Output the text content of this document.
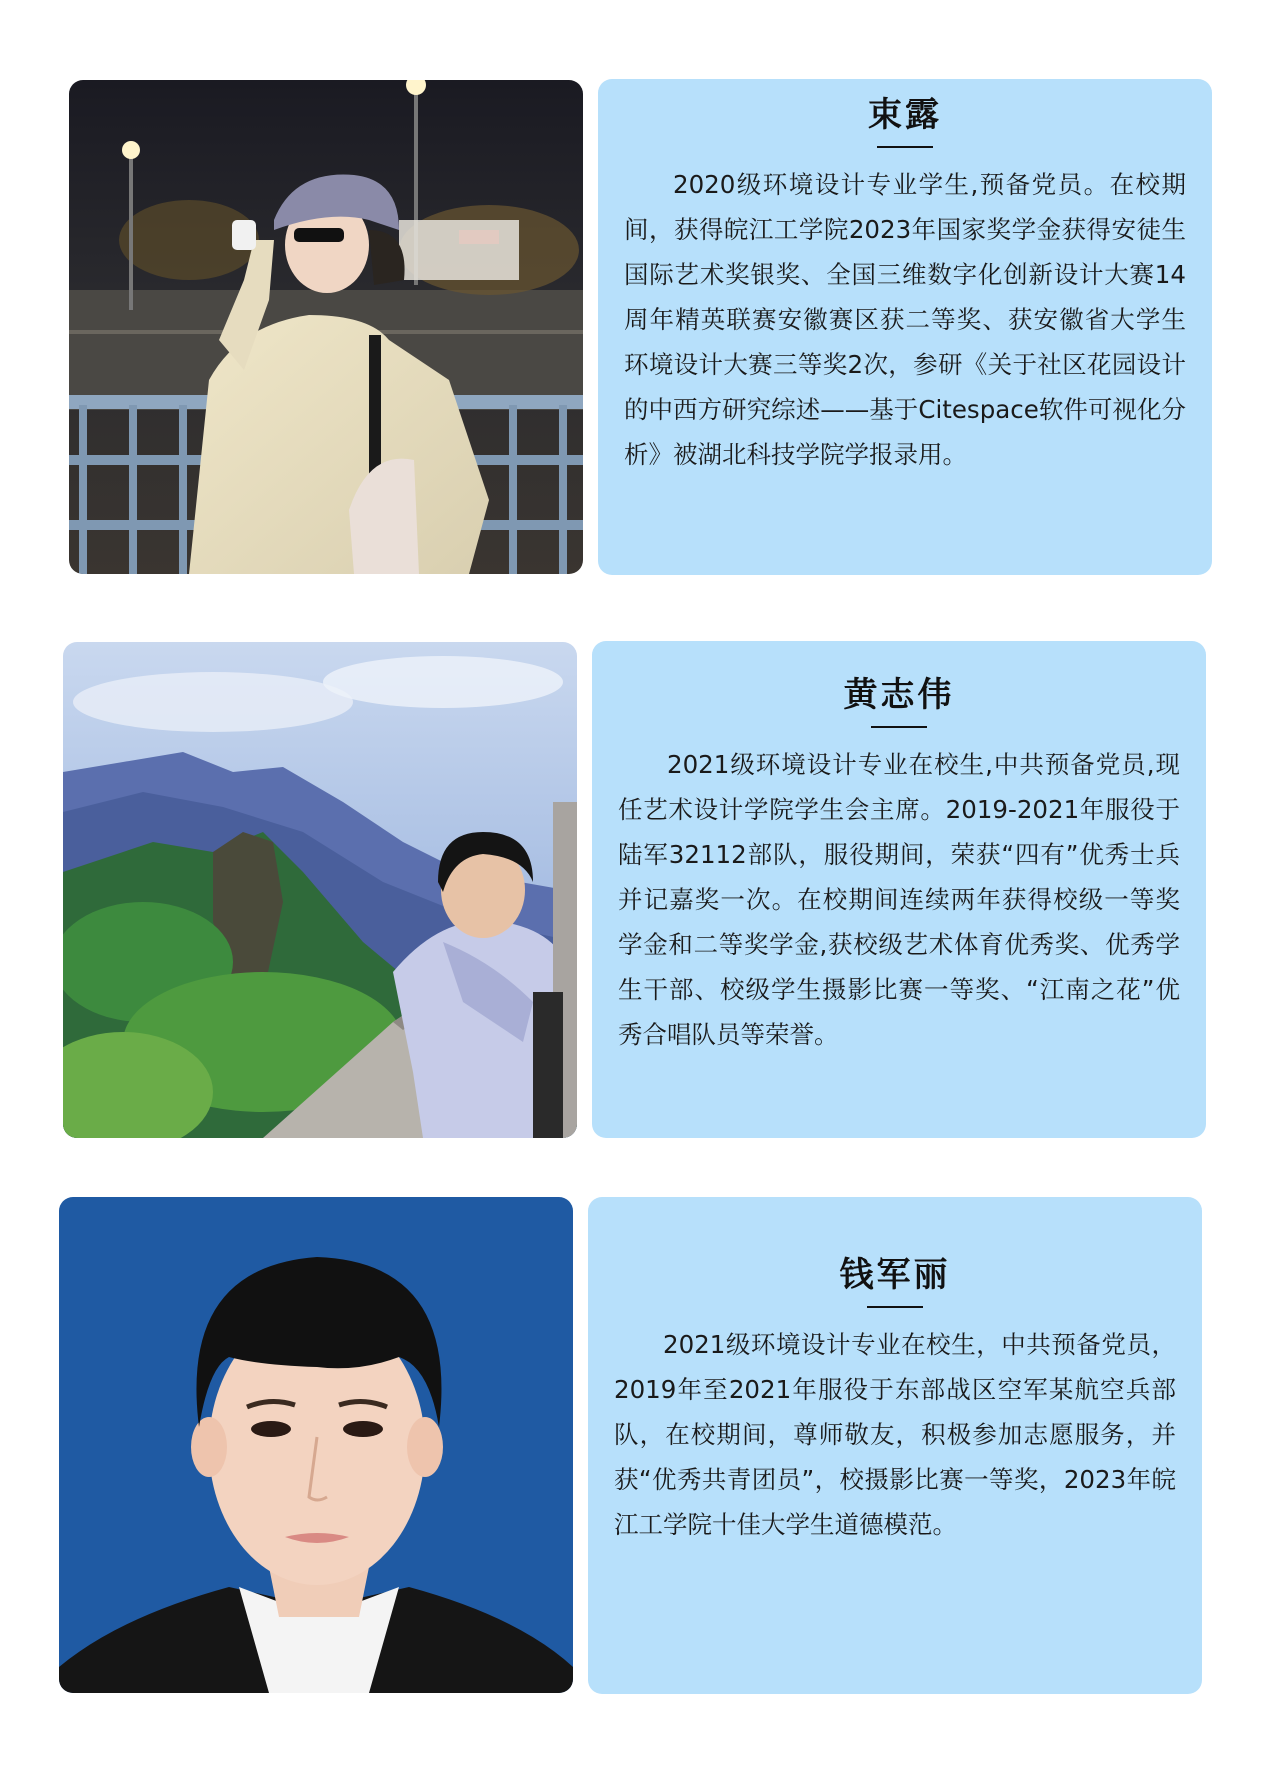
束露

2020级环境设计专业学生,预备党员。在校期间，获得皖江工学院2023年国家奖学金获得安徒生国际艺术奖银奖、全国三维数字化创新设计大赛14周年精英联赛安徽赛区获二等奖、获安徽省大学生环境设计大赛三等奖2次，参研《关于社区花园设计的中西方研究综述——基于Citespace软件可视化分析》被湖北科技学院学报录用。

黄志伟

2021级环境设计专业在校生,中共预备党员,现任艺术设计学院学生会主席。2019-2021年服役于陆军32112部队，服役期间，荣获“四有”优秀士兵并记嘉奖一次。在校期间连续两年获得校级一等奖学金和二等奖学金,获校级艺术体育优秀奖、优秀学生干部、校级学生摄影比赛一等奖、“江南之花”优秀合唱队员等荣誉。

钱军丽

2021级环境设计专业在校生，中共预备党员，2019年至2021年服役于东部战区空军某航空兵部队，在校期间，尊师敬友，积极参加志愿服务，并获“优秀共青团员”，校摄影比赛一等奖，2023年皖江工学院十佳大学生道德模范。
